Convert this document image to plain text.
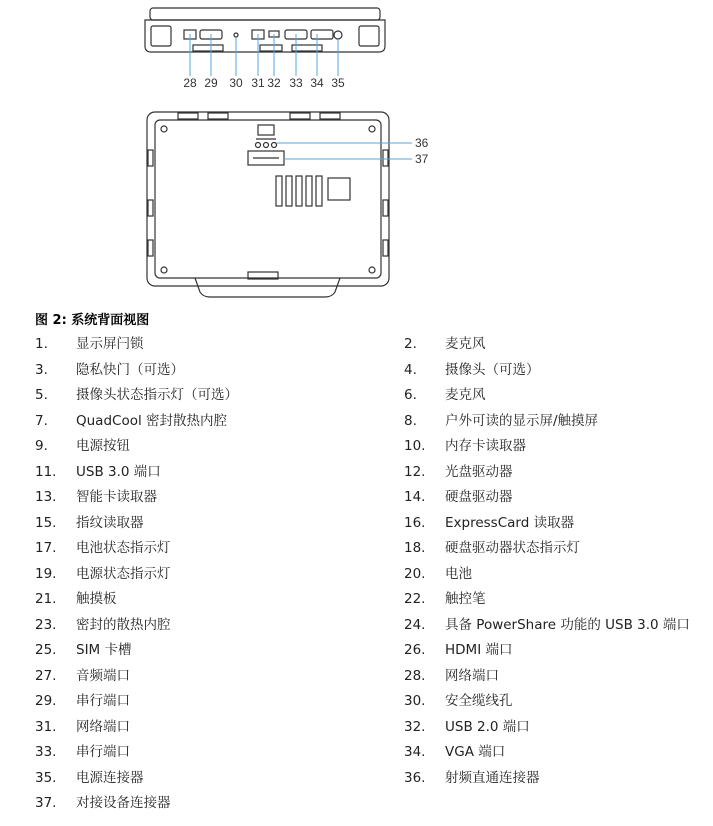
28 29 30 31 32 33 34 35
36
37

图 2: 系统背面视图

1. 显示屏闩锁	2. 麦克风
3. 隐私快门（可选）	4. 摄像头（可选）
5. 摄像头状态指示灯（可选）	6. 麦克风
7. QuadCool 密封散热内腔	8. 户外可读的显示屏/触摸屏
9. 电源按钮	10. 内存卡读取器
11. USB 3.0 端口	12. 光盘驱动器
13. 智能卡读取器	14. 硬盘驱动器
15. 指纹读取器	16. ExpressCard 读取器
17. 电池状态指示灯	18. 硬盘驱动器状态指示灯
19. 电源状态指示灯	20. 电池
21. 触摸板	22. 触控笔
23. 密封的散热内腔	24. 具备 PowerShare 功能的 USB 3.0 端口
25. SIM 卡槽	26. HDMI 端口
27. 音频端口	28. 网络端口
29. 串行端口	30. 安全缆线孔
31. 网络端口	32. USB 2.0 端口
33. 串行端口	34. VGA 端口
35. 电源连接器	36. 射频直通连接器
37. 对接设备连接器
